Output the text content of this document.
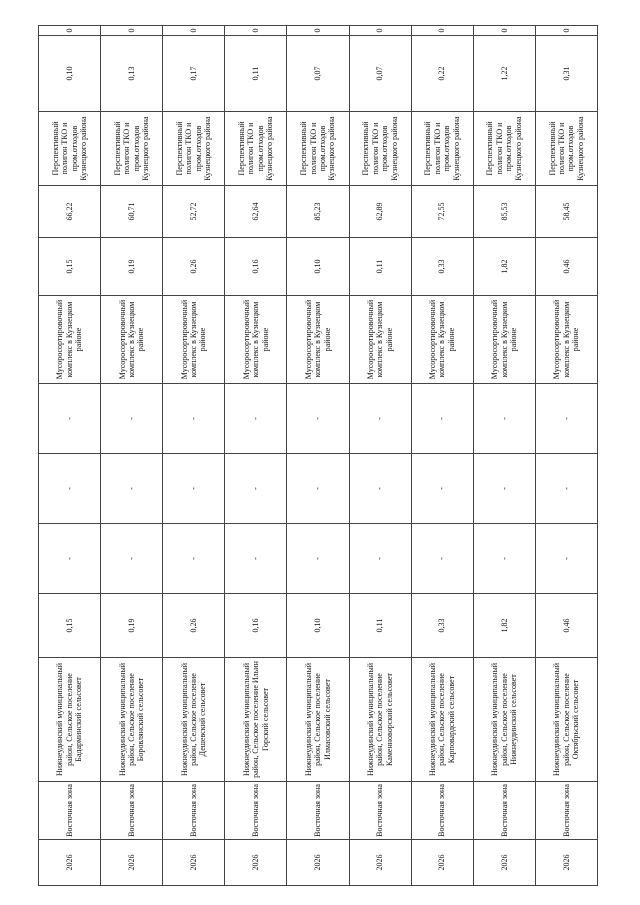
2026	Восточная зона	Нижнеудинский муниципальный район, Сельское поселение Бадарминский сельсовет	0,15	-	-	-	Мусоросортировочный комплекс в Кузнецком районе	0,15	66,22	Перспективный полигон ТКО и пром.отходов Кузнецкого района	0,10	0
2026	Восточная зона	Нижнеудинский муниципальный район, Сельское поселение Боровлянский сельсовет	0,19	-	-	-	Мусоросортировочный комплекс в Кузнецком районе	0,19	60,71	Перспективный полигон ТКО и пром.отходов Кузнецкого района	0,13	0
2026	Восточная зона	Нижнеудинский муниципальный район, Сельское поселение Дешевский сельсовет	0,26	-	-	-	Мусоросортировочный комплекс в Кузнецком районе	0,26	52,72	Перспективный полигон ТКО и пром.отходов Кузнецкого района	0,17	0
2026	Восточная зона	Нижнеудинский муниципальный район, Сельское поселение Ильин Горский сельсовет	0,16	-	-	-	Мусоросортировочный комплекс в Кузнецком районе	0,16	62,64	Перспективный полигон ТКО и пром.отходов Кузнецкого района	0,11	0
2026	Восточная зона	Нижнеудинский муниципальный район, Сельское поселение Илмасовский сельсовет	0,10	-	-	-	Мусоросортировочный комплекс в Кузнецком районе	0,10	85,23	Перспективный полигон ТКО и пром.отходов Кузнецкого района	0,07	0
2026	Восточная зона	Нижнеудинский муниципальный район, Сельское поселение Каменноворский сельсовет	0,11	-	-	-	Мусоросортировочный комплекс в Кузнецком районе	0,11	62,89	Перспективный полигон ТКО и пром.отходов Кузнецкого района	0,07	0
2026	Восточная зона	Нижнеудинский муниципальный район, Сельское поселение Карповардский сельсовет	0,33	-	-	-	Мусоросортировочный комплекс в Кузнецком районе	0,33	72,55	Перспективный полигон ТКО и пром.отходов Кузнецкого района	0,22	0
2026	Восточная зона	Нижнеудинский муниципальный район, Сельское поселение Нижнеудинский сельсовет	1,82	-	-	-	Мусоросортировочный комплекс в Кузнецком районе	1,82	85,53	Перспективный полигон ТКО и пром.отходов Кузнецкого района	1,22	0
2026	Восточная зона	Нижнеудинский муниципальный район, Сельское поселение Октябрьский сельсовет	0,46	-	-	-	Мусоросортировочный комплекс в Кузнецком районе	0,46	58,45	Перспективный полигон ТКО и пром.отходов Кузнецкого района	0,31	0
